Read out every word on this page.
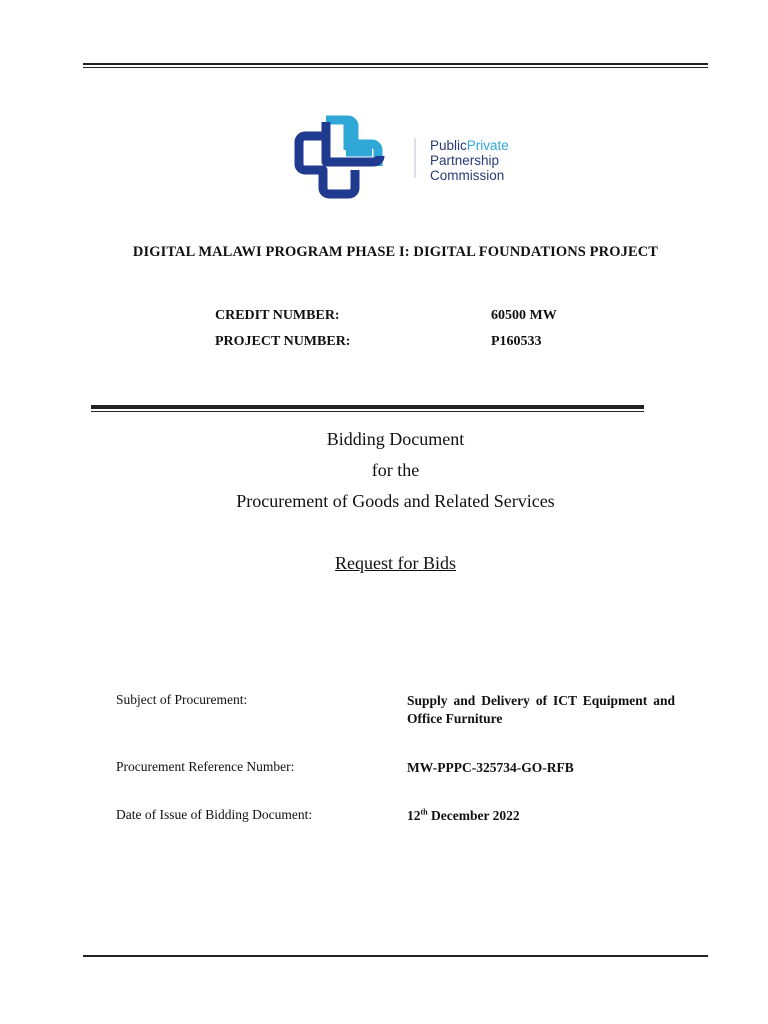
PublicPrivate
Partnership
Commission
DIGITAL MALAWI PROGRAM PHASE I: DIGITAL FOUNDATIONS PROJECT
CREDIT NUMBER:	60500 MW
PROJECT NUMBER:	P160533
Bidding Document
for the
Procurement of Goods and Related Services
Request for Bids
Subject of Procurement:	Supply and Delivery of ICT Equipment and Office Furniture
Procurement Reference Number:	MW-PPPC-325734-GO-RFB
Date of Issue of Bidding Document:	12th December 2022
